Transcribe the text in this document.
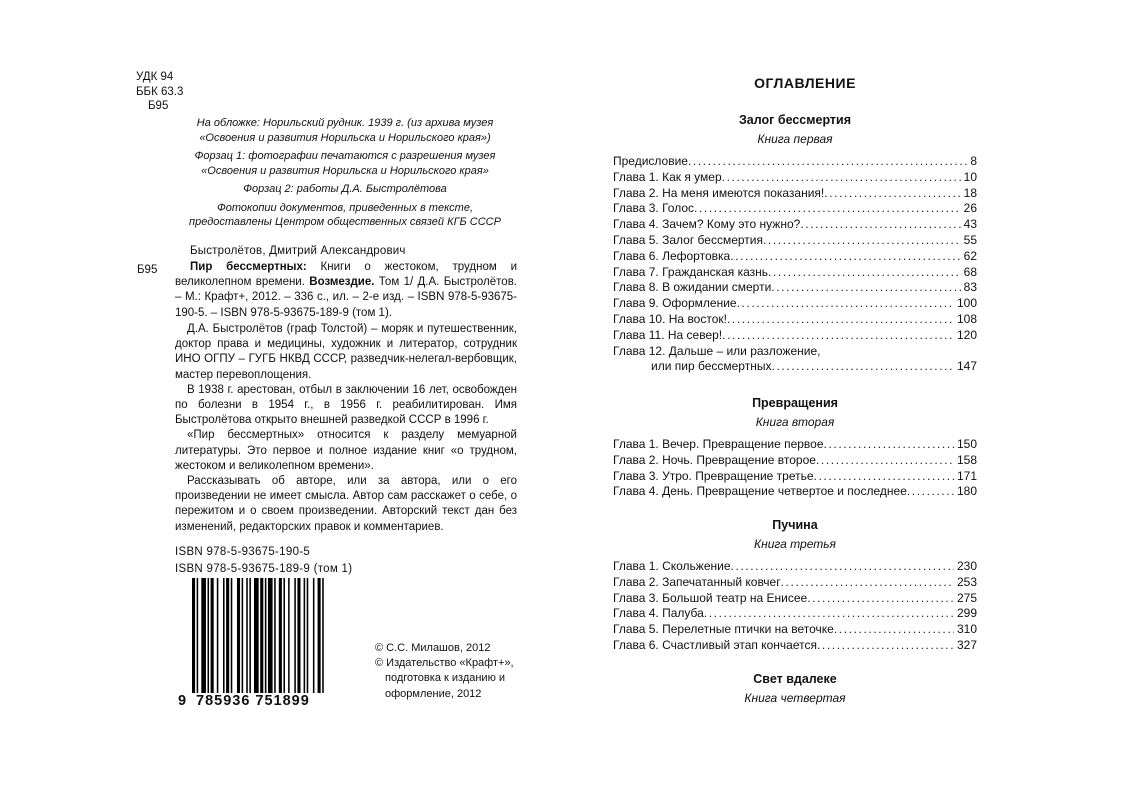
УДК 94
ББК 63.3
Б95

На обложке: Норильский рудник. 1939 г. (из архива музея «Освоения и развития Норильска и Норильского края»)

Форзац 1: фотографии печатаются с разрешения музея «Освоения и развития Норильска и Норильского края»

Форзац 2: работы Д.А. Быстролётова

Фотокопии документов, приведенных в тексте, предоставлены Центром общественных связей КГБ СССР

Быстролётов, Дмитрий Александрович
Б95	Пир бессмертных: Книги о жестоком, трудном и великолепном времени. Возмездие. Том 1/ Д.А. Быстролётов. – М.: Крафт+, 2012. – 336 с., ил. – 2-е изд. – ISBN 978-5-93675-190-5. – ISBN 978-5-93675-189-9 (том 1).

Д.А. Быстролётов (граф Толстой) – моряк и путешественник, доктор права и медицины, художник и литератор, сотрудник ИНО ОГПУ – ГУГБ НКВД СССР, разведчик-нелегал-вербовщик, мастер перевоплощения.

В 1938 г. арестован, отбыл в заключении 16 лет, освобожден по болезни в 1954 г., в 1956 г. реабилитирован. Имя Быстролётова открыто внешней разведкой СССР в 1996 г.

«Пир бессмертных» относится к разделу мемуарной литературы. Это первое и полное издание книг «о трудном, жестоком и великолепном времени».

Рассказывать об авторе, или за автора, или о его произведении не имеет смысла. Автор сам расскажет о себе, о пережитом и о своем произведении. Авторский текст дан без изменений, редакторских правок и комментариев.

ISBN 978-5-93675-190-5
ISBN 978-5-93675-189-9 (том 1)
9 785936 751899
© С.С. Милашов, 2012
© Издательство «Крафт+»,
подготовка к изданию и
оформление, 2012
ОГЛАВЛЕНИЕ
Залог бессмертия
Книга первая
Предисловие .....	8
Глава 1. Как я умер .....	10
Глава 2. На меня имеются показания! .....	18
Глава 3. Голос .....	26
Глава 4. Зачем? Кому это нужно? .....	43
Глава 5. Залог бессмертия .....	55
Глава 6. Лефортовка .....	62
Глава 7. Гражданская казнь .....	68
Глава 8. В ожидании смерти .....	83
Глава 9. Оформление .....	100
Глава 10. На восток! .....	108
Глава 11. На север! .....	120
Глава 12. Дальше – или разложение,
или пир бессмертных .....	147
Превращения
Книга вторая
Глава 1. Вечер. Превращение первое .....	150
Глава 2. Ночь. Превращение второе .....	158
Глава 3. Утро. Превращение третье .....	171
Глава 4. День. Превращение четвертое и последнее .....	180
Пучина
Книга третья
Глава 1. Скольжение .....	230
Глава 2. Запечатанный ковчег .....	253
Глава 3. Большой театр на Енисее .....	275
Глава 4. Палуба .....	299
Глава 5. Перелетные птички на веточке .....	310
Глава 6. Счастливый этап кончается .....	327
Свет вдалеке
Книга четвертая
